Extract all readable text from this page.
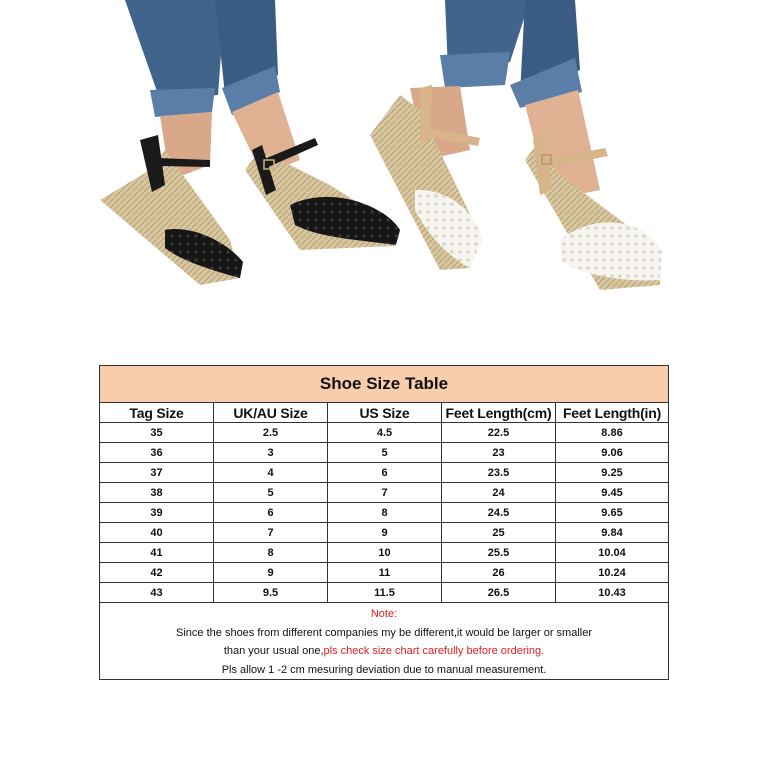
Shoe Size Table				
Tag Size	UK/AU Size	US Size	Feet Length(cm)	Feet Length(in)
35	2.5	4.5	22.5	8.86
36	3	5	23	9.06
37	4	6	23.5	9.25
38	5	7	24	9.45
39	6	8	24.5	9.65
40	7	9	25	9.84
41	8	10	25.5	10.04
42	9	11	26	10.24
43	9.5	11.5	26.5	10.43

Note:
Since the shoes from different companies my be different,it would be larger or smaller
than your usual one,pls check size chart carefully before ordering.
Pls allow 1 -2 cm mesuring deviation due to manual measurement.				
